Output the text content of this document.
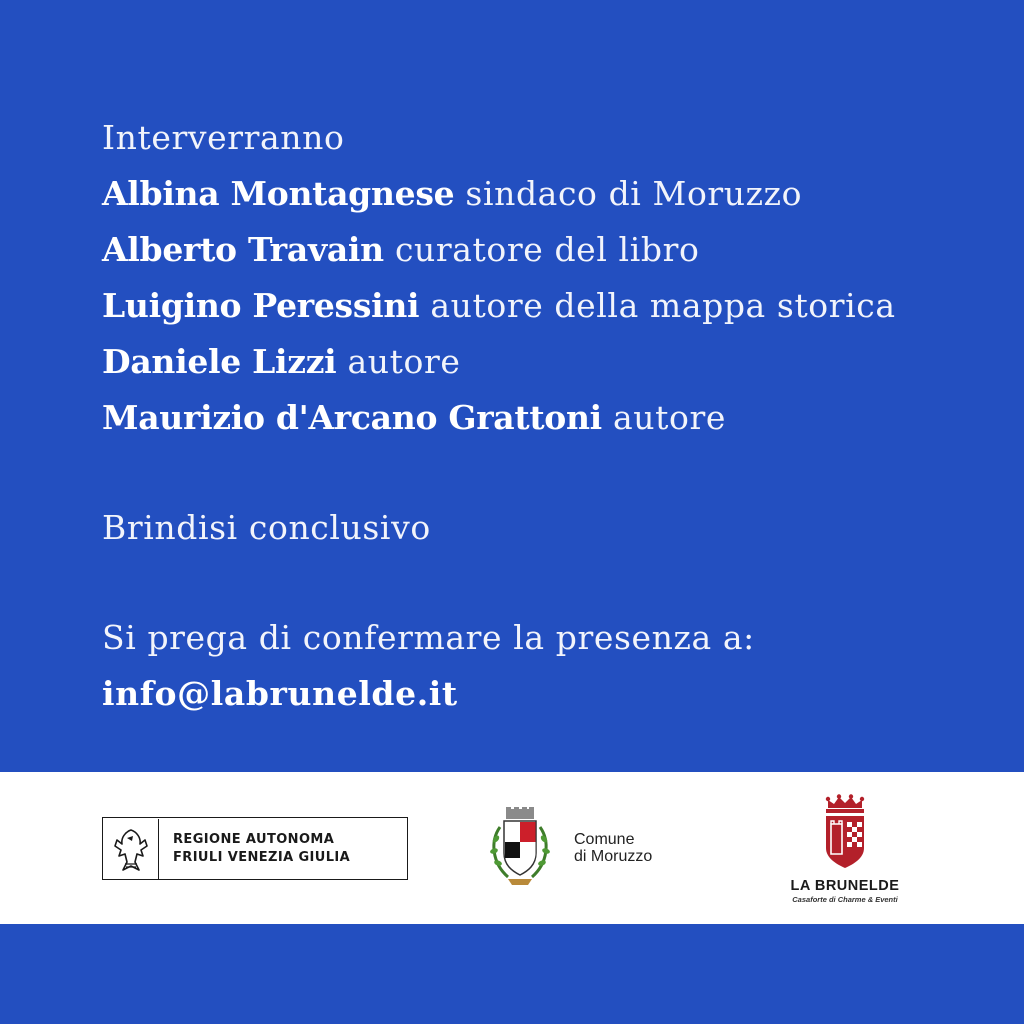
Interverranno
Albina Montagnese sindaco di Moruzzo
Alberto Travain curatore del libro
Luigino Peressini autore della mappa storica
Daniele Lizzi autore
Maurizio d'Arcano Grattoni autore
Brindisi conclusivo
Si prega di confermare la presenza a:
info@labrunelde.it
REGIONE AUTONOMA
FRIULI VENEZIA GIULIA
Comune
di Moruzzo
LA BRUNELDE
Casaforte di Charme & Eventi
